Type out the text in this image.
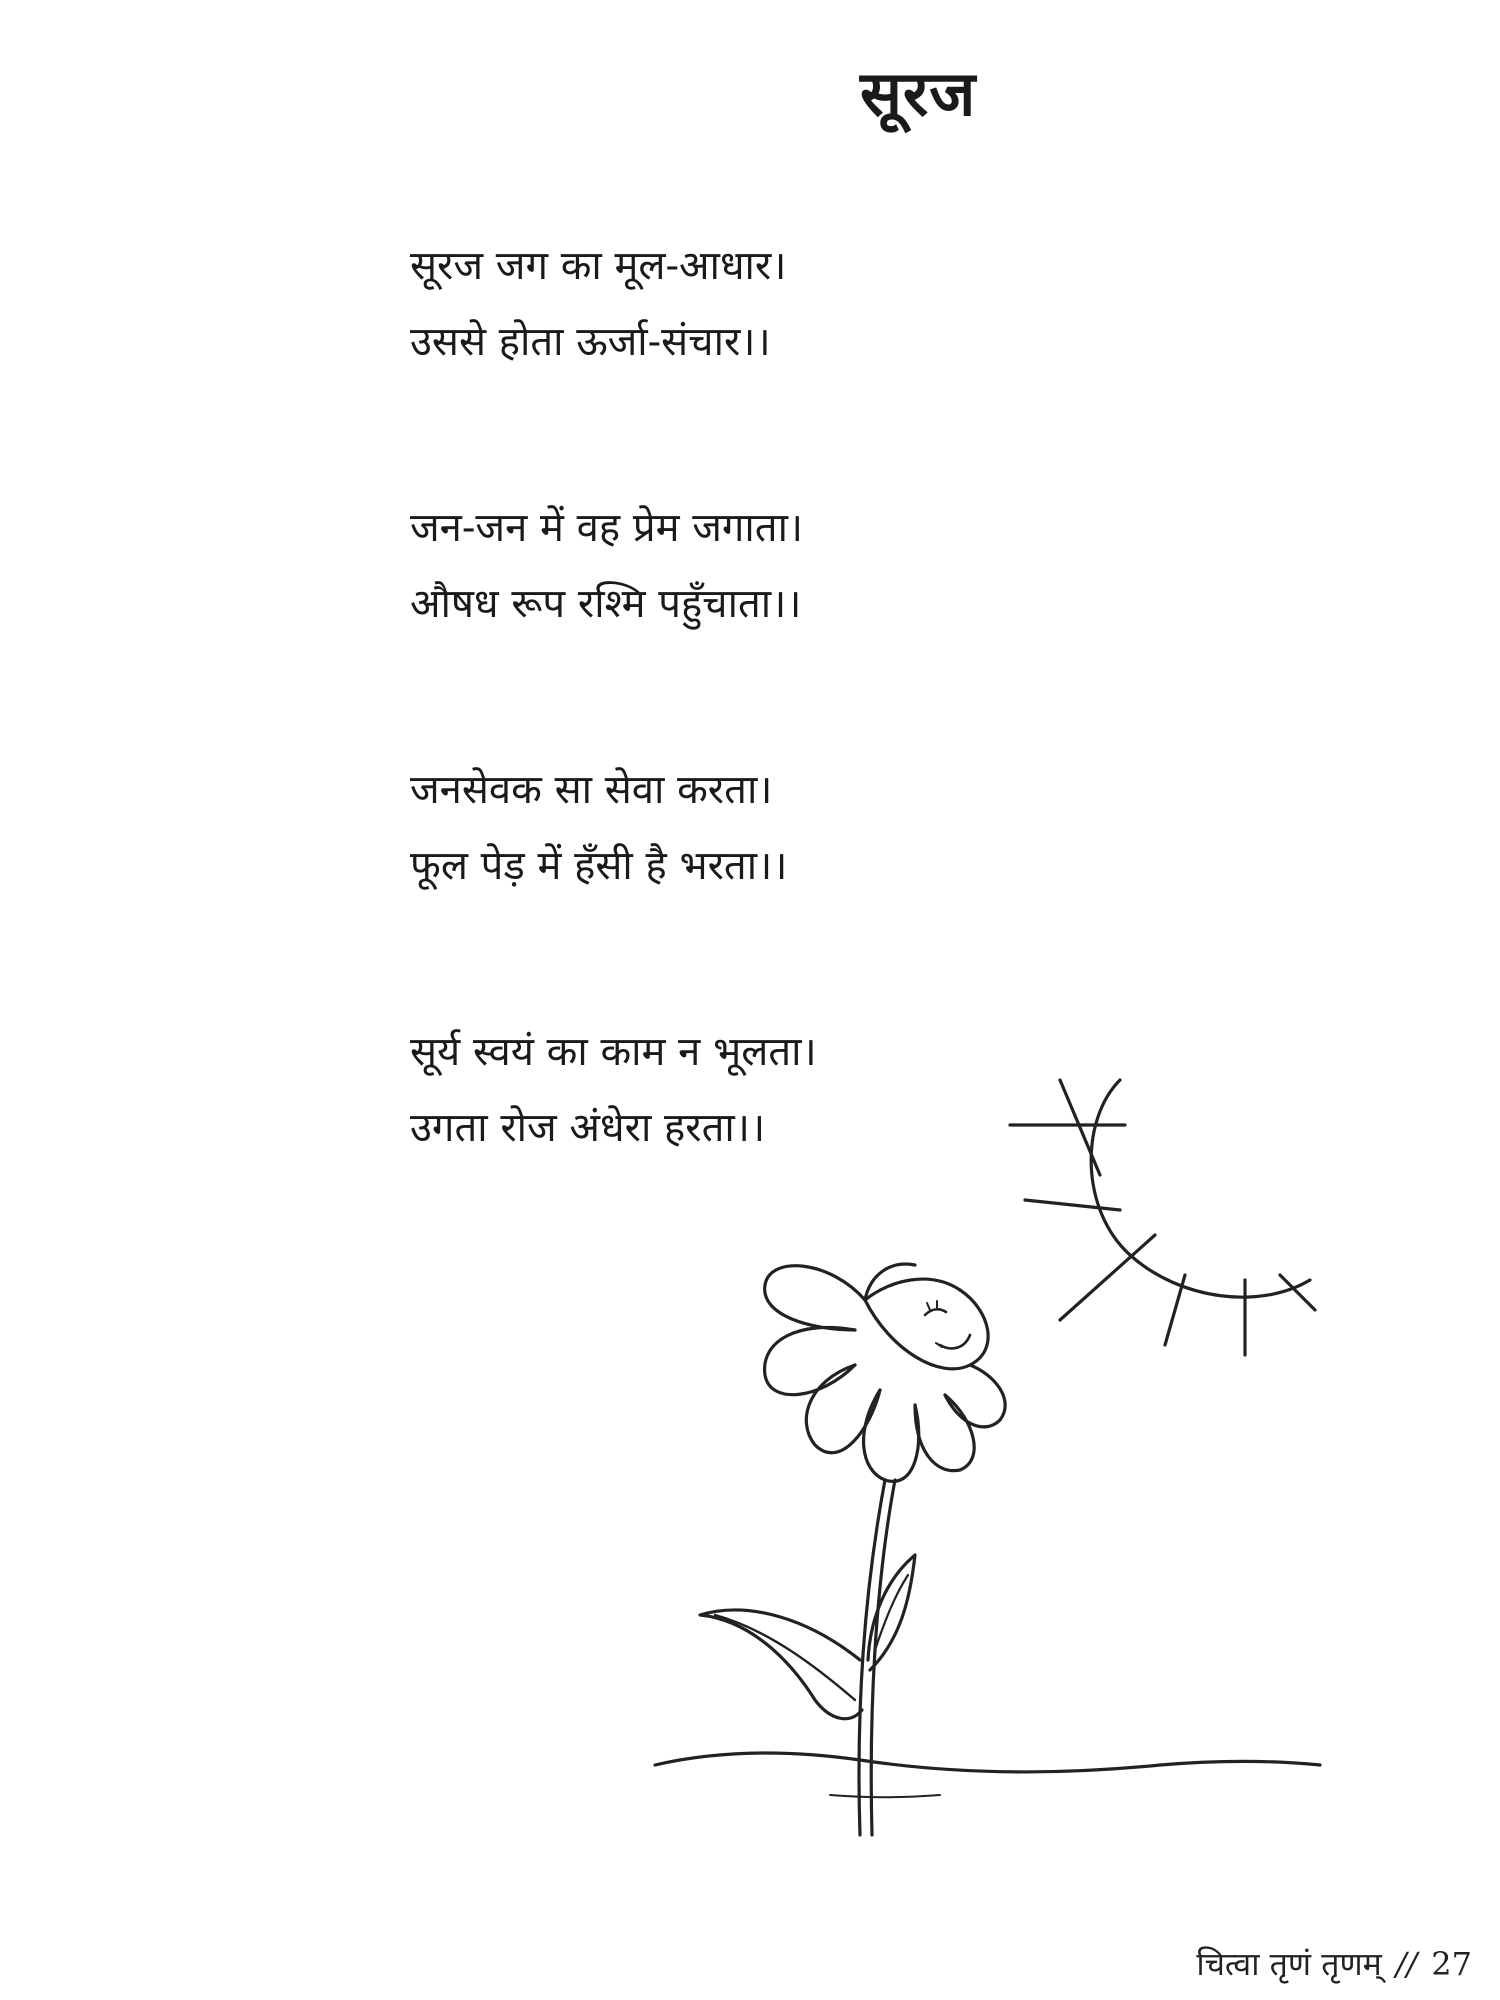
सूरज
सूरज जग का मूल-आधार।
उससे होता ऊर्जा-संचार।।
जन-जन में वह प्रेम जगाता।
औषध रूप रश्मि पहुँचाता।।
जनसेवक सा सेवा करता।
फूल पेड़ में हँसी है भरता।।
सूर्य स्वयं का काम न भूलता।
उगता रोज अंधेरा हरता।।
चित्वा तृणं तृणम् // 27
